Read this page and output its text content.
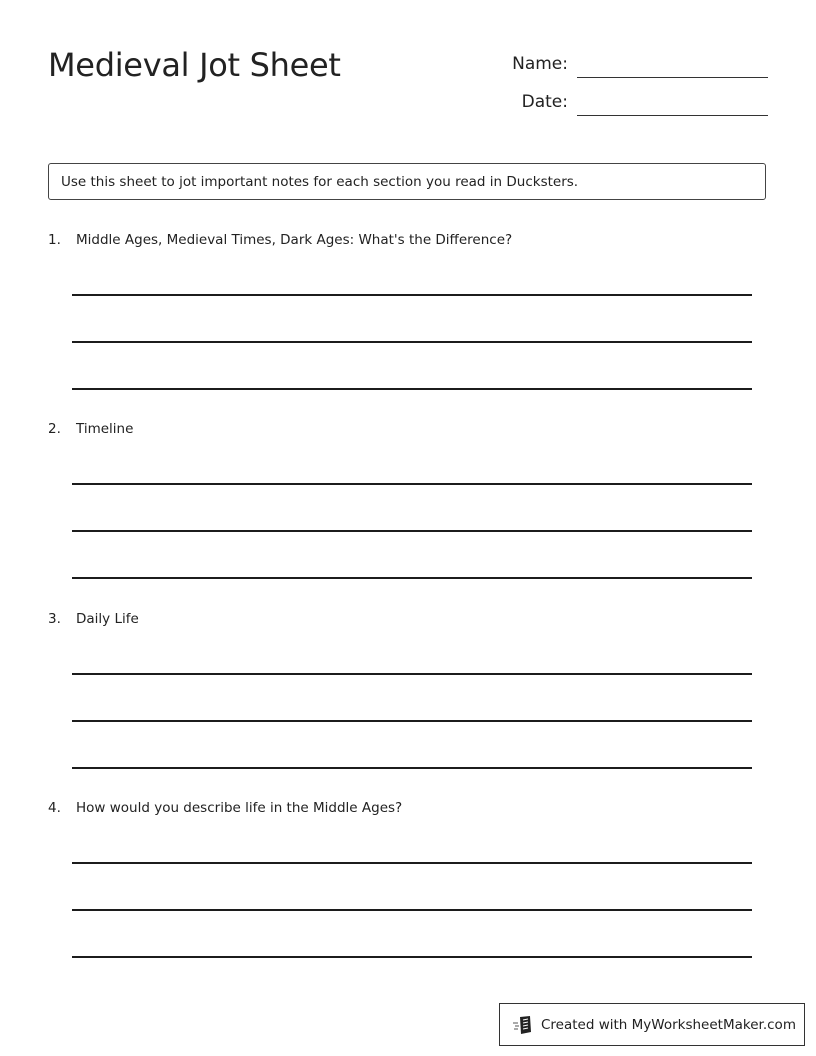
Medieval Jot Sheet	Name:
Date:
Use this sheet to jot important notes for each section you read in Ducksters.
1. Middle Ages, Medieval Times, Dark Ages: What's the Difference?
2. Timeline
3. Daily Life
4. How would you describe life in the Middle Ages?
Created with MyWorksheetMaker.com
